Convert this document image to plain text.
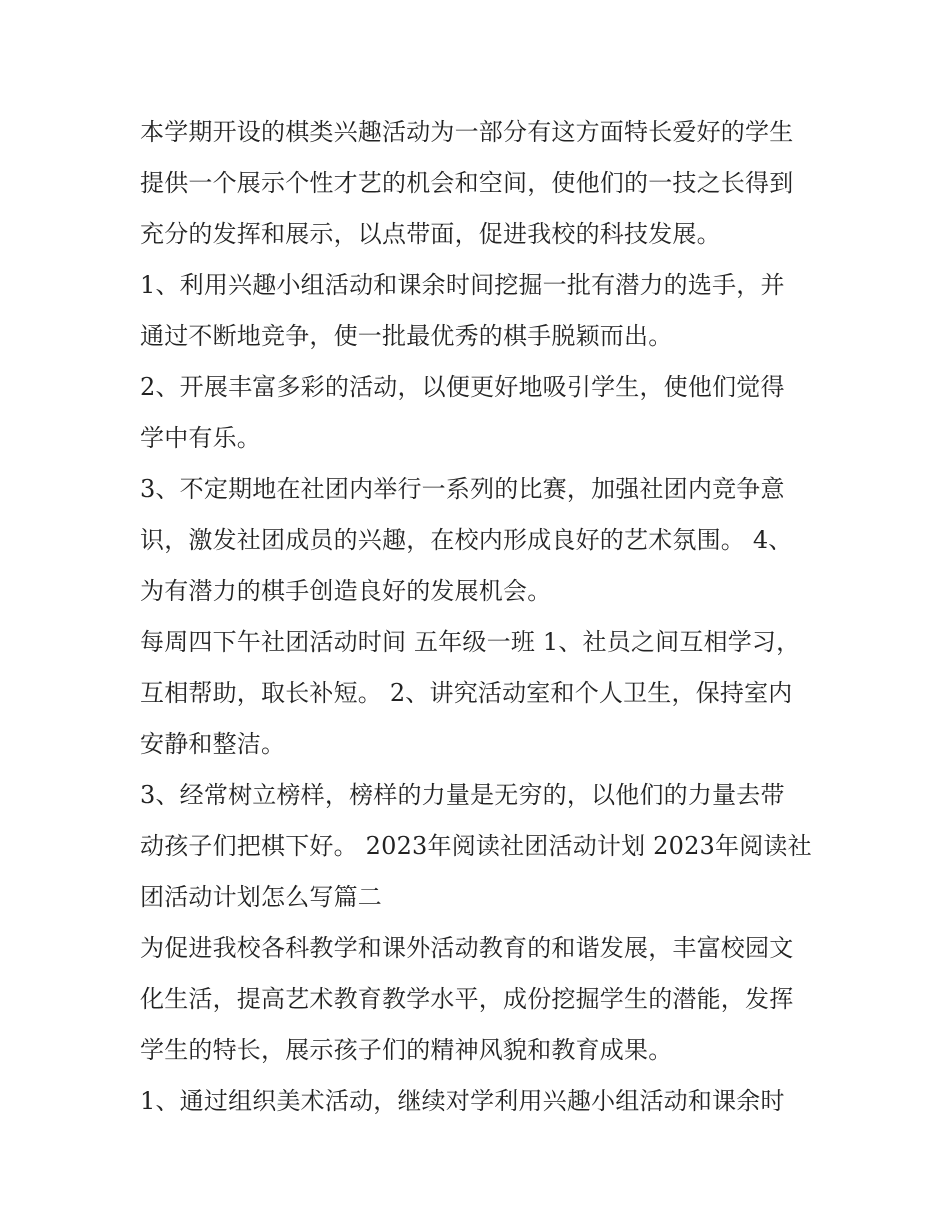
本学期开设的棋类兴趣活动为一部分有这方面特长爱好的学生
提供一个展示个性才艺的机会和空间，使他们的一技之长得到
充分的发挥和展示，以点带面，促进我校的科技发展。
1、利用兴趣小组活动和课余时间挖掘一批有潜力的选手，并
通过不断地竞争，使一批最优秀的棋手脱颖而出。
2、开展丰富多彩的活动，以便更好地吸引学生，使他们觉得
学中有乐。
3、不定期地在社团内举行一系列的比赛，加强社团内竞争意
识，激发社团成员的兴趣，在校内形成良好的艺术氛围。 4、
为有潜力的棋手创造良好的发展机会。
每周四下午社团活动时间 五年级一班 1、社员之间互相学习，
互相帮助，取长补短。 2、讲究活动室和个人卫生，保持室内
安静和整洁。
3、经常树立榜样，榜样的力量是无穷的，以他们的力量去带
动孩子们把棋下好。 2023年阅读社团活动计划 2023年阅读社
团活动计划怎么写篇二
为促进我校各科教学和课外活动教育的和谐发展，丰富校园文
化生活，提高艺术教育教学水平，成份挖掘学生的潜能，发挥
学生的特长，展示孩子们的精神风貌和教育成果。
1、通过组织美术活动，继续对学利用兴趣小组活动和课余时
